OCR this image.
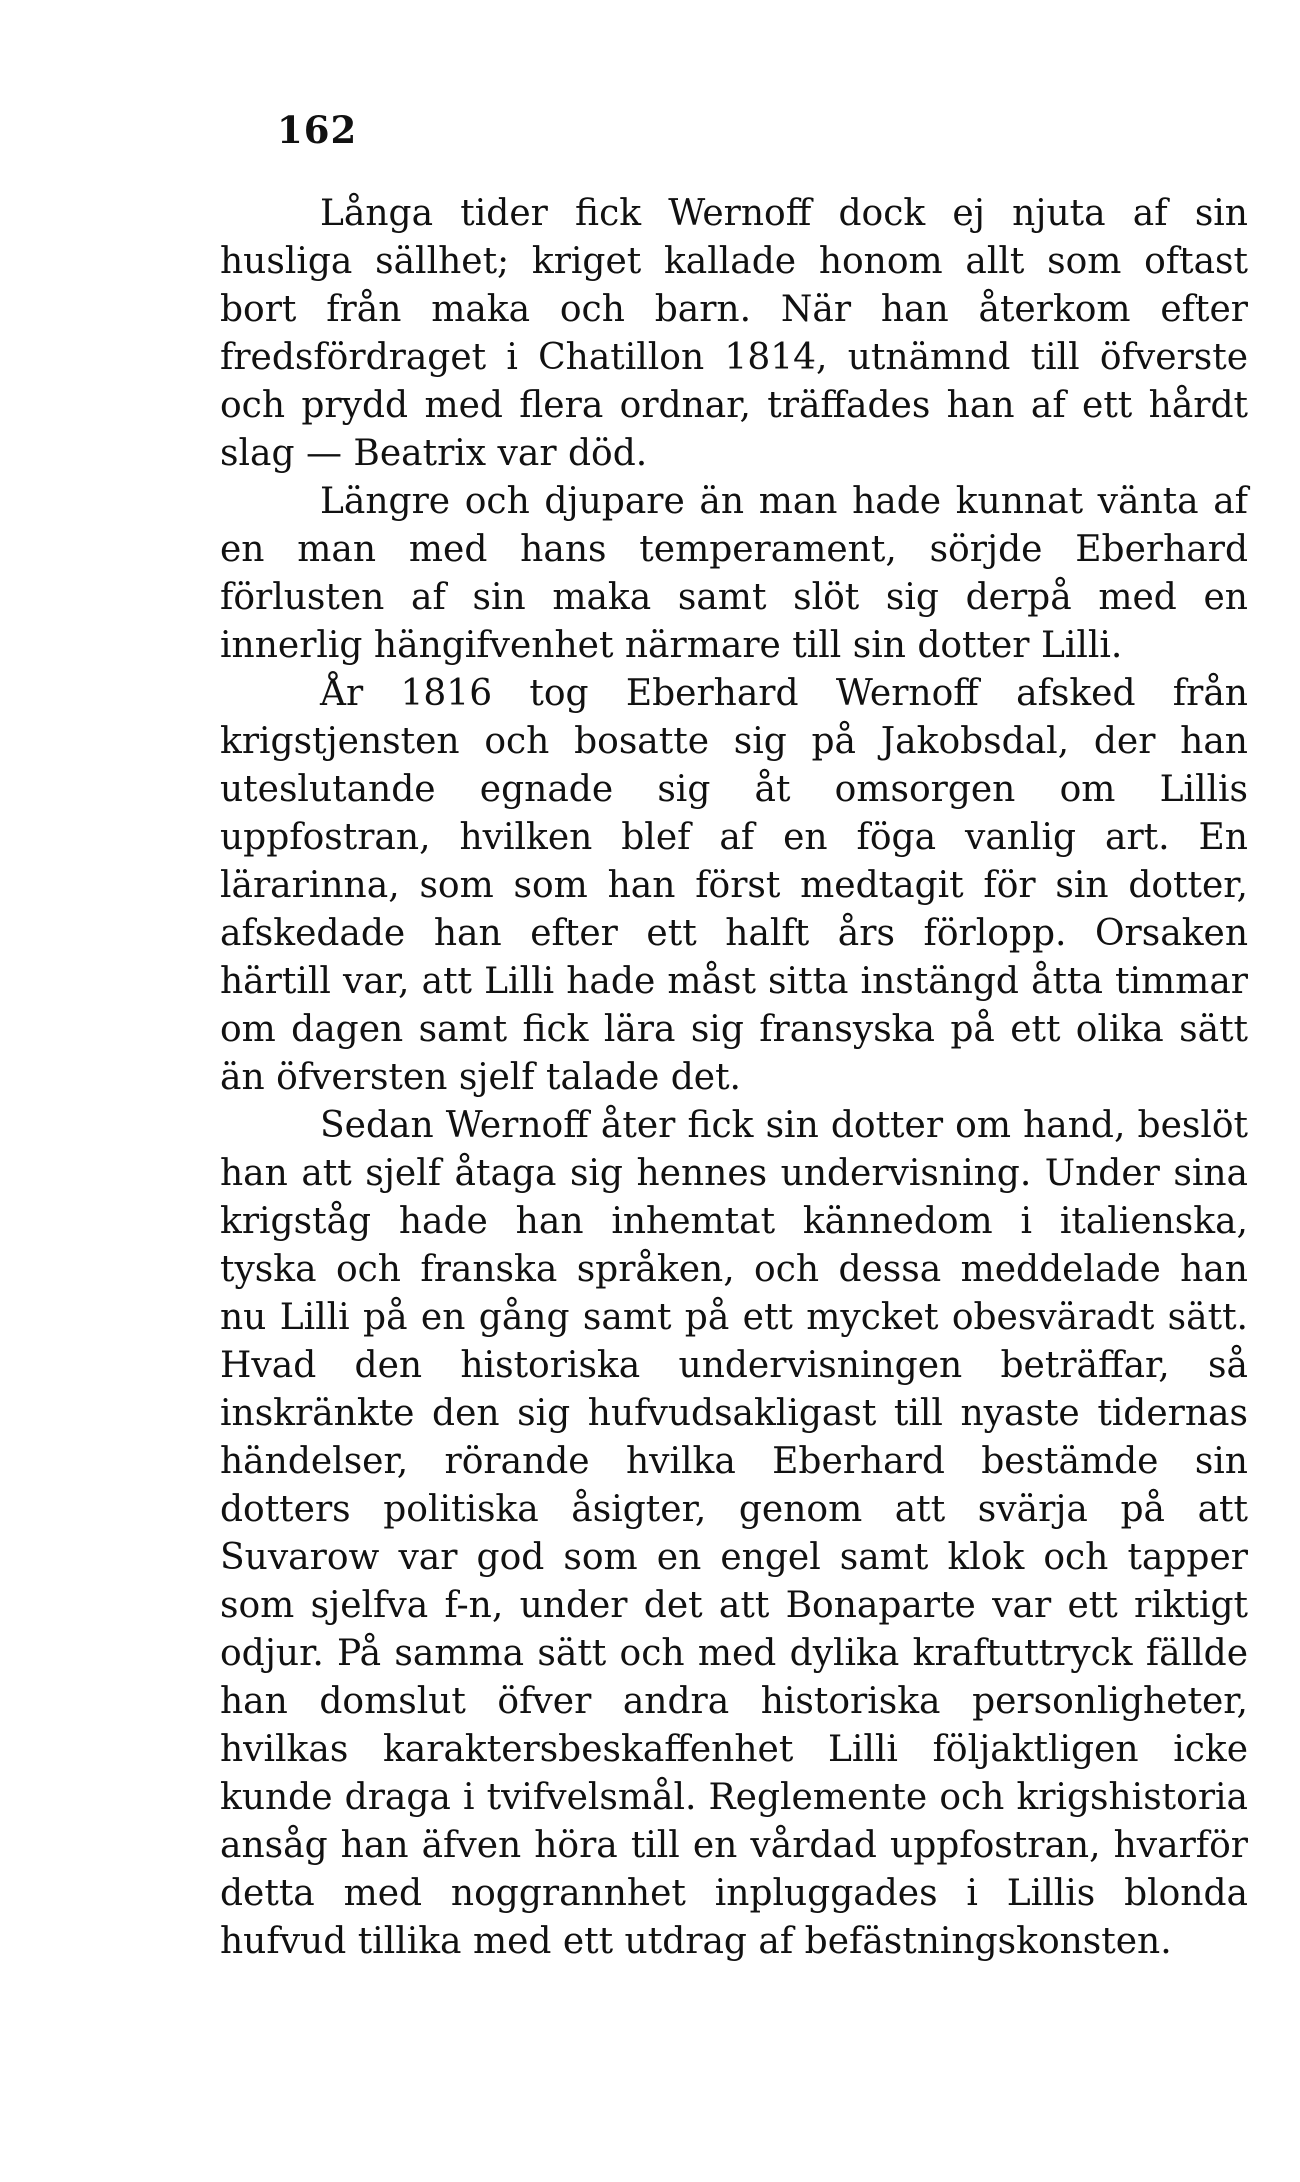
162

Långa tider fick Wernoff dock ej njuta af sin husliga sällhet; kriget kallade honom allt som oftast bort från maka och barn. När han återkom efter fredsfördraget i Chatillon 1814, utnämnd till öfverste och prydd med flera ordnar, träffades han af ett hårdt slag — Beatrix var död.

Längre och djupare än man hade kunnat vänta af en man med hans temperament, sörjde Eberhard förlusten af sin maka samt slöt sig derpå med en innerlig hängifvenhet närmare till sin dotter Lilli.

År 1816 tog Eberhard Wernoff afsked från krigstjensten och bosatte sig på Jakobsdal, der han uteslutande egnade sig åt omsorgen om Lillis uppfostran, hvilken blef af en föga vanlig art. En lärarinna, som som han först medtagit för sin dotter, afskedade han efter ett halft års förlopp. Orsaken härtill var, att Lilli hade måst sitta instängd åtta timmar om dagen samt fick lära sig fransyska på ett olika sätt än öfversten sjelf talade det.

Sedan Wernoff åter fick sin dotter om hand, beslöt han att sjelf åtaga sig hennes undervisning. Under sina krigståg hade han inhemtat kännedom i italienska, tyska och franska språken, och dessa meddelade han nu Lilli på en gång samt på ett mycket obesväradt sätt. Hvad den historiska undervisningen beträffar, så inskränkte den sig hufvudsakligast till nyaste tidernas händelser, rörande hvilka Eberhard bestämde sin dotters politiska åsigter, genom att svärja på att Suvarow var god som en engel samt klok och tapper som sjelfva f-n, under det att Bonaparte var ett riktigt odjur. På samma sätt och med dylika kraftuttryck fällde han domslut öfver andra historiska personligheter, hvilkas karaktersbeskaffenhet Lilli följaktligen icke kunde draga i tvifvelsmål. Reglemente och krigshistoria ansåg han äfven höra till en vårdad uppfostran, hvarför detta med noggrannhet inpluggades i Lillis blonda hufvud tillika med ett utdrag af befästningskonsten.
